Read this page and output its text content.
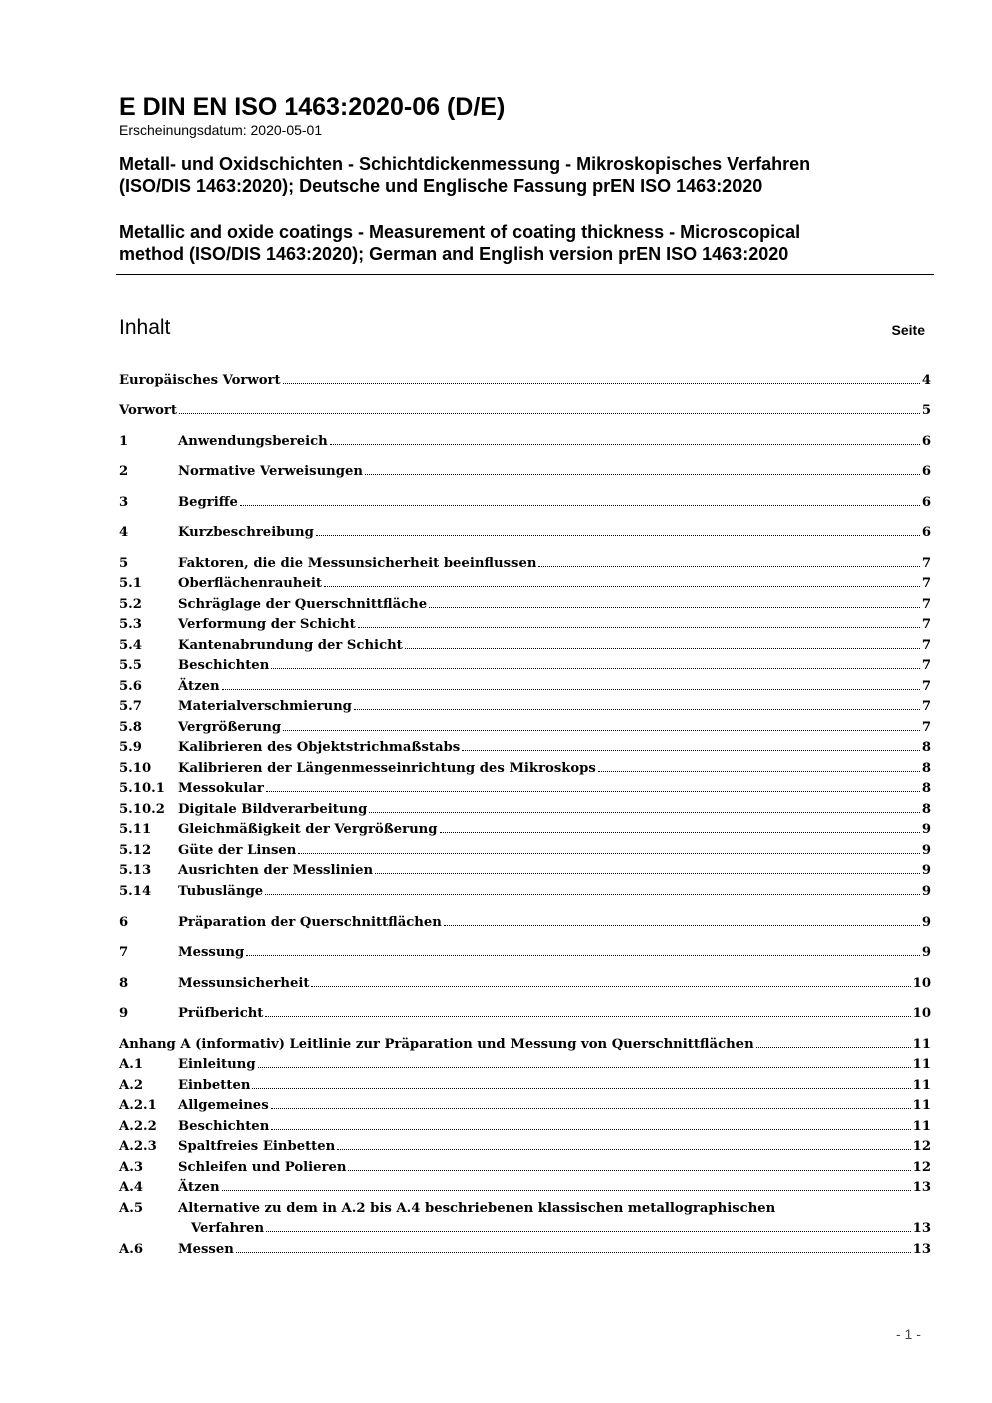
E DIN EN ISO 1463:2020-06 (D/E)

Erscheinungsdatum: 2020-05-01

Metall- und Oxidschichten - Schichtdickenmessung - Mikroskopisches Verfahren
(ISO/DIS 1463:2020); Deutsche und Englische Fassung prEN ISO 1463:2020
Metallic and oxide coatings - Measurement of coating thickness - Microscopical
method (ISO/DIS 1463:2020); German and English version prEN ISO 1463:2020
Inhalt	Seite
Europäisches Vorwort	4
Vorwort	5
1	Anwendungsbereich	6
2	Normative Verweisungen	6
3	Begriffe	6
4	Kurzbeschreibung	6
5	Faktoren, die die Messunsicherheit beeinflussen	7
5.1	Oberflächenrauheit	7
5.2	Schräglage der Querschnittfläche	7
5.3	Verformung der Schicht	7
5.4	Kantenabrundung der Schicht	7
5.5	Beschichten	7
5.6	Ätzen	7
5.7	Materialverschmierung	7
5.8	Vergrößerung	7
5.9	Kalibrieren des Objektstrichmaßstabs	8
5.10 Kalibrieren der Längenmesseinrichtung des Mikroskops	8
5.10.1 Messokular	8
5.10.2 Digitale Bildverarbeitung	8
5.11 Gleichmäßigkeit der Vergrößerung	9
5.12 Güte der Linsen	9
5.13 Ausrichten der Messlinien	9
5.14 Tubuslänge	9
6	Präparation der Querschnittflächen	9
7	Messung	9
8	Messunsicherheit	10
9	Prüfbericht	10
Anhang A (informativ) Leitlinie zur Präparation und Messung von Querschnittflächen	11
A.1	Einleitung	11
A.2	Einbetten	11
A.2.1 Allgemeines	11
A.2.2 Beschichten	11
A.2.3 Spaltfreies Einbetten	12
A.3	Schleifen und Polieren	12
A.4	Ätzen	13
A.5	Alternative zu dem in A.2 bis A.4 beschriebenen klassischen metallographischen
Verfahren	13
A.6	Messen	13
- 1 -
